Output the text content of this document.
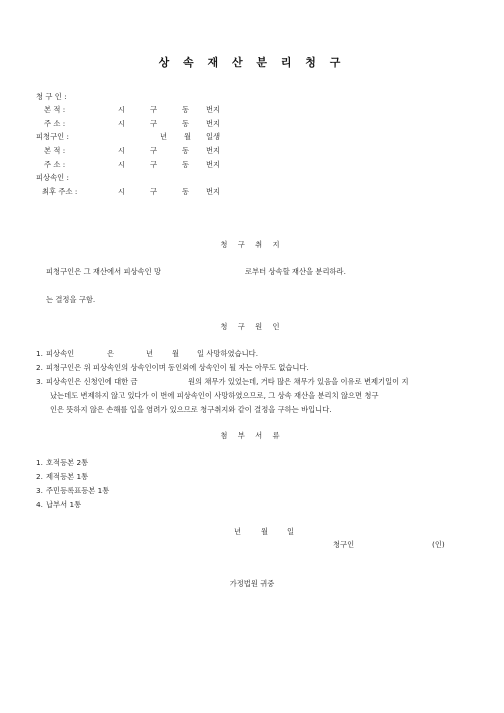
상 속 재 산 분 리 청 구
청 구 인 :
본 적 :	시	구	동 번지
주 소 :	시	구	동 번지
피청구인 :	년 월 일생
본 적 :	시	구	동 번지
주 소 :	시	구	동 번지
피상속인 :
최후 주소 :	시	구	동 번지
청 구 취 지
피청구인은 그 재산에서 피상속인 망	로부터 상속할 재산을 분리하라.
는 결정을 구함.
청 구 원 인
1. 피상속인	은	년	월 일 사망하였습니다.
2. 피청구인은 위 피상속인의 상속인이며 동인외에 상속인이 될 자는 아무도 없습니다.
3. 피상속인은 신청인에 대한 금	원의 채무가 있었는데, 거타 많은 채무가 있음을 이유로 변제기일이 지
났는데도 변제하지 않고 있다가 이 번에 피상속인이 사망하였으므로, 그 상속 재산을 분리치 않으면 청구
인은 뜻하지 않은 손해를 입을 염려가 있으므로 청구취지와 같이 결정을 구하는 바입니다.
첨 부 서 류
1. 호적등본 2통
2. 제적등본 1통
3. 주민등록표등본 1통
4. 납부서 1통
년	월	일
청구인	(인)
가정법원 귀중
